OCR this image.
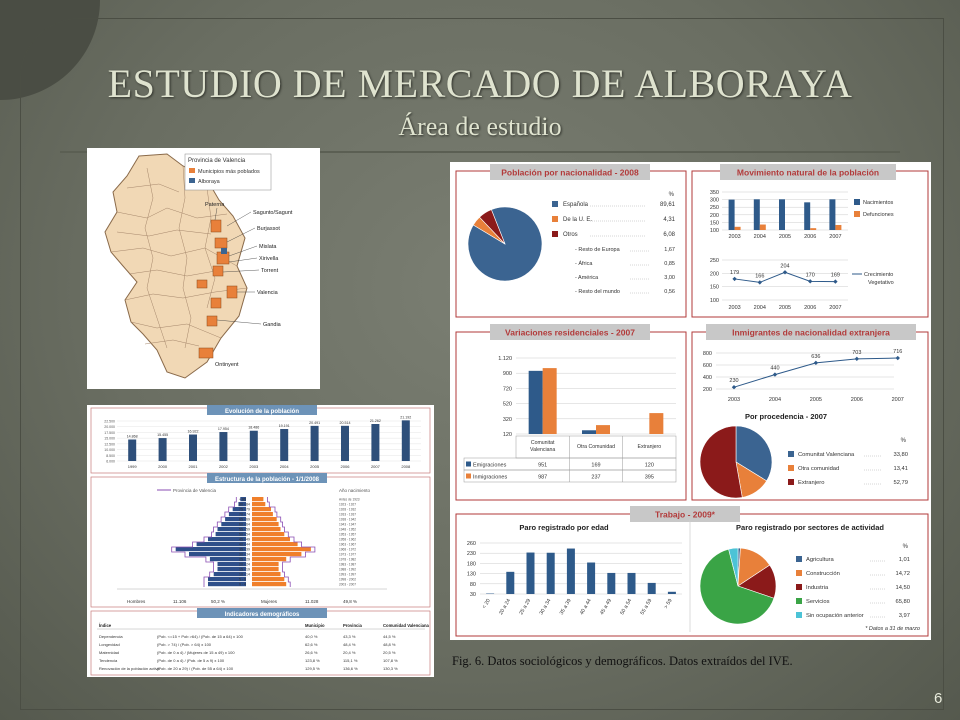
ESTUDIO DE MERCADO DE ALBORAYA
Área de estudio
Provincia de Valencia
Municipios más poblados
Alboraya
Paterna
Sagunto/Sagunt
Burjassot
Mislata
Xirivella
Torrent
Valencia
Gandia
Ontinyent
Evolución de la población
22.500
20.000
17.500
15.000
12.500
10.000
8.500
6.000
14.868
1999
15.455
2000
16.922
2001
17.954
2002
18.486
2003
19.191
2004
20.491
2005
20.514
2006
21.262
2007
21.192
2008
Estructura de la población - 1/1/2008
Provincia de Valencia	Año nacimiento
+ 85	Antes de 1923
80 - 84	1923 - 1927
75 - 79	1928 - 1932
70 - 74	1933 - 1937
65 - 69	1938 - 1942
60 - 64	1943 - 1947
55 - 59	1948 - 1952
50 - 54	1953 - 1957
45 - 49	1958 - 1962
40 - 44	1963 - 1967
35 - 39	1968 - 1972
30 - 34	1973 - 1977
25 - 29	1978 - 1982
20 - 24	1983 - 1987
15 - 19	1988 - 1992
10 - 14	1993 - 1997
5 - 9	1998 - 2002
0 - 4	2003 - 2007
Hombres	11.106	50,2 %	Mujeres	11.028	49,8 %
Indicadores demográficos
Índice	Municipio	Provincia	Comunidad Valenciana
Dependencia	(Pob. <=15 + Pob >64) / (Pob. de 15 a 64) x 100	40,0 %	43,3 %	44,5 %
Longevidad	(Pob. > 74) / (Pob. > 64) x 100	62,6 %	48,4 %	48,8 %
Maternidad	(Pob. de 0 a 4) / (Mujeres de 15 a 49) x 100	26,6 %	20,4 %	20,5 %
Tendencia	(Pob. de 0 a 4) / (Pob. de 5 a 9) x 100	123,8 %	115,1 %	107,8 %
Renovación de la población activa
(Pob. de 20 a 29) / (Pob. de 55 a 64) x 100	129,5 %	136,6 %	130,3 %
Población por nacionalidad - 2008
%
Española	89,61
De la U. E.	4,31
Otros	6,08
- Resto de Europa	1,67
- África	0,85
- América	3,00
- Resto del mundo	0,56
Movimiento natural de la población
350
300
250
200
150
100
2003 2004 2005 2006 2007
Nacimientos
Defunciones
250
200
150
100
179
2003
166
2004
204
2005
170
2006
169
2007
Crecimiento
Vegetativo
Variaciones residenciales - 2007
1.120
900
720
520
320
120
Comunitat
Valenciana	Otra Comunidad	Extranjero
Emigraciones	951	169	120
Inmigraciones	987	237	395
Inmigrantes de nacionalidad extranjera
800
600
400
200
230
2003
440
2004
636
2005
703
2006
716
2007
Por procedencia - 2007
%
Comunitat Valenciana	33,80
Otra comunidad	13,41
Extranjero	52,79
Trabajo - 2009*
Paro registrado por edad
260
230
180
130
80
30
< 20 20 a 24 25 a 29 30 a 34 35 a 39 40 a 44 45 a 49 50 a 54 55 a 59 > 59
Paro registrado por sectores de actividad
%
Agricultura	1,01
Construcción	14,72
Industria	14,50
Servicios	65,80
Sin ocupación anterior	3,97
* Datos a 31 de marzo
Fig. 6. Datos sociológicos y demográficos. Datos extraídos del IVE.
6
